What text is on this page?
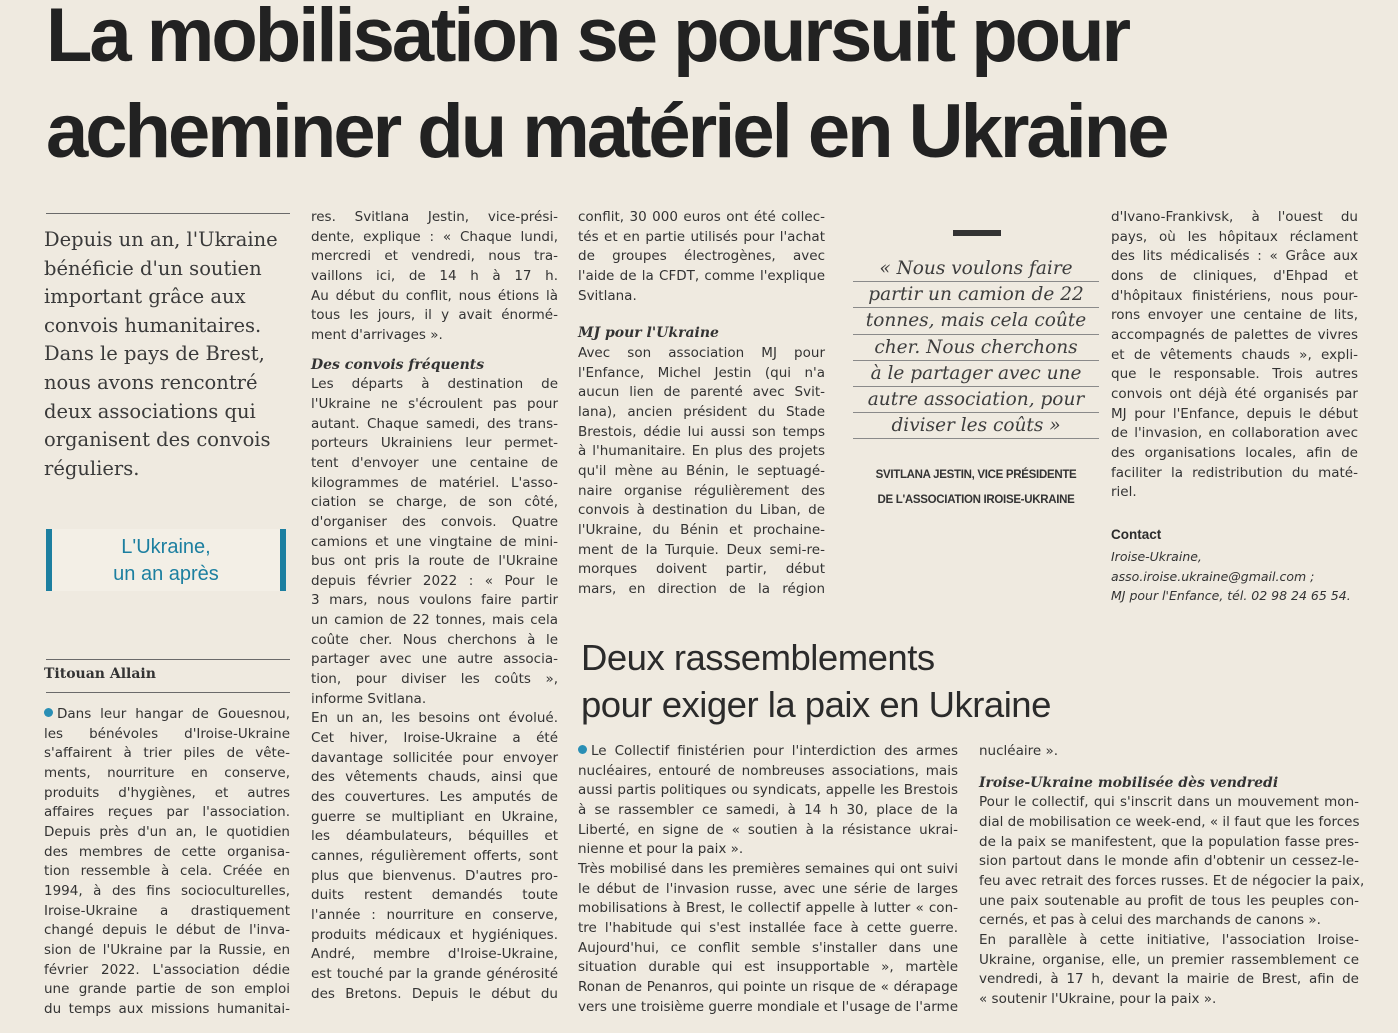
La mobilisation se poursuit pour
acheminer du matériel en Ukraine
Depuis un an, l'Ukraine
bénéficie d'un soutien
important grâce aux
convois humanitaires.
Dans le pays de Brest,
nous avons rencontré
deux associations qui
organisent des convois
réguliers.
L'Ukraine,
un an après
Titouan Allain
Dans leur hangar de Gouesnou,
les bénévoles d'Iroise-Ukraine
s'affairent à trier piles de vête-
ments, nourriture en conserve,
produits d'hygiènes, et autres
affaires reçues par l'association.
Depuis près d'un an, le quotidien
des membres de cette organisa-
tion ressemble à cela. Créée en
1994, à des fins socioculturelles,
Iroise-Ukraine a drastiquement
changé depuis le début de l'inva-
sion de l'Ukraine par la Russie, en
février 2022. L'association dédie
une grande partie de son emploi
du temps aux missions humanitai-
res. Svitlana Jestin, vice-prési-
dente, explique : « Chaque lundi,
mercredi et vendredi, nous tra-
vaillons ici, de 14 h à 17 h.
Au début du conflit, nous étions là
tous les jours, il y avait énormé-
ment d'arrivages ».
Des convois fréquents
Les départs à destination de
l'Ukraine ne s'écroulent pas pour
autant. Chaque samedi, des trans-
porteurs Ukrainiens leur permet-
tent d'envoyer une centaine de
kilogrammes de matériel. L'asso-
ciation se charge, de son côté,
d'organiser des convois. Quatre
camions et une vingtaine de mini-
bus ont pris la route de l'Ukraine
depuis février 2022 : « Pour le
3 mars, nous voulons faire partir
un camion de 22 tonnes, mais cela
coûte cher. Nous cherchons à le
partager avec une autre associa-
tion, pour diviser les coûts »,
informe Svitlana.
En un an, les besoins ont évolué.
Cet hiver, Iroise-Ukraine a été
davantage sollicitée pour envoyer
des vêtements chauds, ainsi que
des couvertures. Les amputés de
guerre se multipliant en Ukraine,
les déambulateurs, béquilles et
cannes, régulièrement offerts, sont
plus que bienvenus. D'autres pro-
duits restent demandés toute
l'année : nourriture en conserve,
produits médicaux et hygiéniques.
André, membre d'Iroise-Ukraine,
est touché par la grande générosité
des Bretons. Depuis le début du
conflit, 30 000 euros ont été collec-
tés et en partie utilisés pour l'achat
de groupes électrogènes, avec
l'aide de la CFDT, comme l'explique
Svitlana.
MJ pour l'Ukraine
Avec son association MJ pour
l'Enfance, Michel Jestin (qui n'a
aucun lien de parenté avec Svit-
lana), ancien président du Stade
Brestois, dédie lui aussi son temps
à l'humanitaire. En plus des projets
qu'il mène au Bénin, le septuagé-
naire organise régulièrement des
convois à destination du Liban, de
l'Ukraine, du Bénin et prochaine-
ment de la Turquie. Deux semi-re-
morques doivent partir, début
mars, en direction de la région
« Nous voulons faire
partir un camion de 22
tonnes, mais cela coûte
cher. Nous cherchons
à le partager avec une
autre association, pour
diviser les coûts »
SVITLANA JESTIN, VICE PRÉSIDENTE
DE L'ASSOCIATION IROISE-UKRAINE
d'Ivano-Frankivsk, à l'ouest du
pays, où les hôpitaux réclament
des lits médicalisés : « Grâce aux
dons de cliniques, d'Ehpad et
d'hôpitaux finistériens, nous pour-
rons envoyer une centaine de lits,
accompagnés de palettes de vivres
et de vêtements chauds », expli-
que le responsable. Trois autres
convois ont déjà été organisés par
MJ pour l'Enfance, depuis le début
de l'invasion, en collaboration avec
des organisations locales, afin de
faciliter la redistribution du maté-
riel.
Contact
Iroise-Ukraine,
asso.iroise.ukraine@gmail.com ;
MJ pour l'Enfance, tél. 02 98 24 65 54.
Deux rassemblements
pour exiger la paix en Ukraine
Le Collectif finistérien pour l'interdiction des armes
nucléaires, entouré de nombreuses associations, mais
aussi partis politiques ou syndicats, appelle les Brestois
à se rassembler ce samedi, à 14 h 30, place de la
Liberté, en signe de « soutien à la résistance ukrai-
nienne et pour la paix ».
Très mobilisé dans les premières semaines qui ont suivi
le début de l'invasion russe, avec une série de larges
mobilisations à Brest, le collectif appelle à lutter « con-
tre l'habitude qui s'est installée face à cette guerre.
Aujourd'hui, ce conflit semble s'installer dans une
situation durable qui est insupportable », martèle
Ronan de Penanros, qui pointe un risque de « dérapage
vers une troisième guerre mondiale et l'usage de l'arme
nucléaire ».
Iroise-Ukraine mobilisée dès vendredi
Pour le collectif, qui s'inscrit dans un mouvement mon-
dial de mobilisation ce week-end, « il faut que les forces
de la paix se manifestent, que la population fasse pres-
sion partout dans le monde afin d'obtenir un cessez-le-
feu avec retrait des forces russes. Et de négocier la paix,
une paix soutenable au profit de tous les peuples con-
cernés, et pas à celui des marchands de canons ».
En parallèle à cette initiative, l'association Iroise-
Ukraine, organise, elle, un premier rassemblement ce
vendredi, à 17 h, devant la mairie de Brest, afin de
« soutenir l'Ukraine, pour la paix ».
